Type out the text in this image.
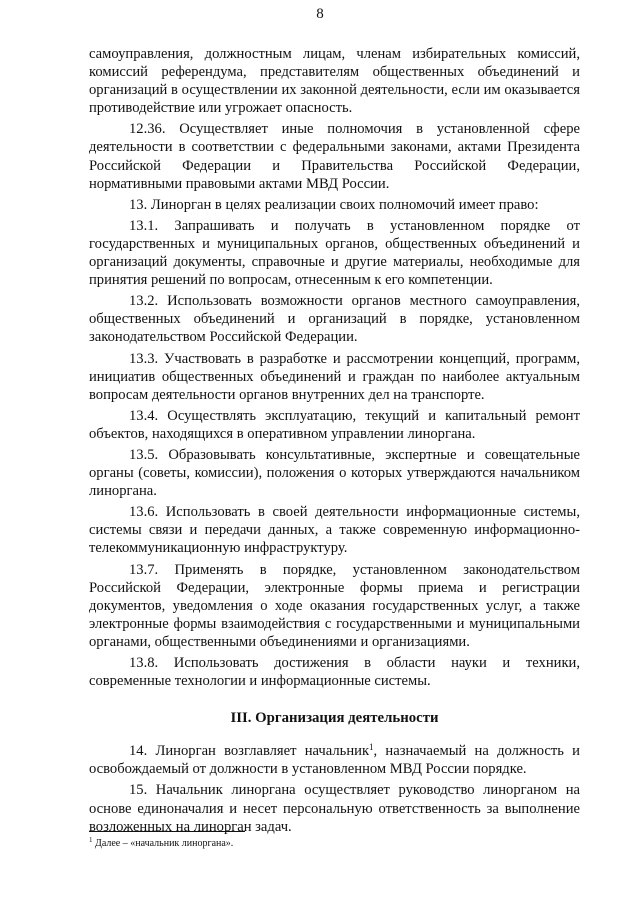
8

самоуправления, должностным лицам, членам избирательных комиссий, комиссий референдума, представителям общественных объединений и организаций в осуществлении их законной деятельности, если им оказывается противодействие или угрожает опасность.

12.36. Осуществляет иные полномочия в установленной сфере деятельности в соответствии с федеральными законами, актами Президента Российской Федерации и Правительства Российской Федерации, нормативными правовыми актами МВД России.

13. Линорган в целях реализации своих полномочий имеет право:

13.1. Запрашивать и получать в установленном порядке от государственных и муниципальных органов, общественных объединений и организаций документы, справочные и другие материалы, необходимые для принятия решений по вопросам, отнесенным к его компетенции.

13.2. Использовать возможности органов местного самоуправления, общественных объединений и организаций в порядке, установленном законодательством Российской Федерации.

13.3. Участвовать в разработке и рассмотрении концепций, программ, инициатив общественных объединений и граждан по наиболее актуальным вопросам деятельности органов внутренних дел на транспорте.

13.4. Осуществлять эксплуатацию, текущий и капитальный ремонт объектов, находящихся в оперативном управлении линоргана.

13.5. Образовывать консультативные, экспертные и совещательные органы (советы, комиссии), положения о которых утверждаются начальником линоргана.

13.6. Использовать в своей деятельности информационные системы, системы связи и передачи данных, а также современную информационно-телекоммуникационную инфраструктуру.

13.7. Применять в порядке, установленном законодательством Российской Федерации, электронные формы приема и регистрации документов, уведомления о ходе оказания государственных услуг, а также электронные формы взаимодействия с государственными и муниципальными органами, общественными объединениями и организациями.

13.8. Использовать достижения в области науки и техники, современные технологии и информационные системы.

III. Организация деятельности

14. Линорган возглавляет начальник$^1$, назначаемый на должность и освобождаемый от должности в установленном МВД России порядке.

15. Начальник линоргана осуществляет руководство линорганом на основе единоначалия и несет персональную ответственность за выполнение возложенных на линорган задач.

$^1$ Далее – «начальник линоргана».
